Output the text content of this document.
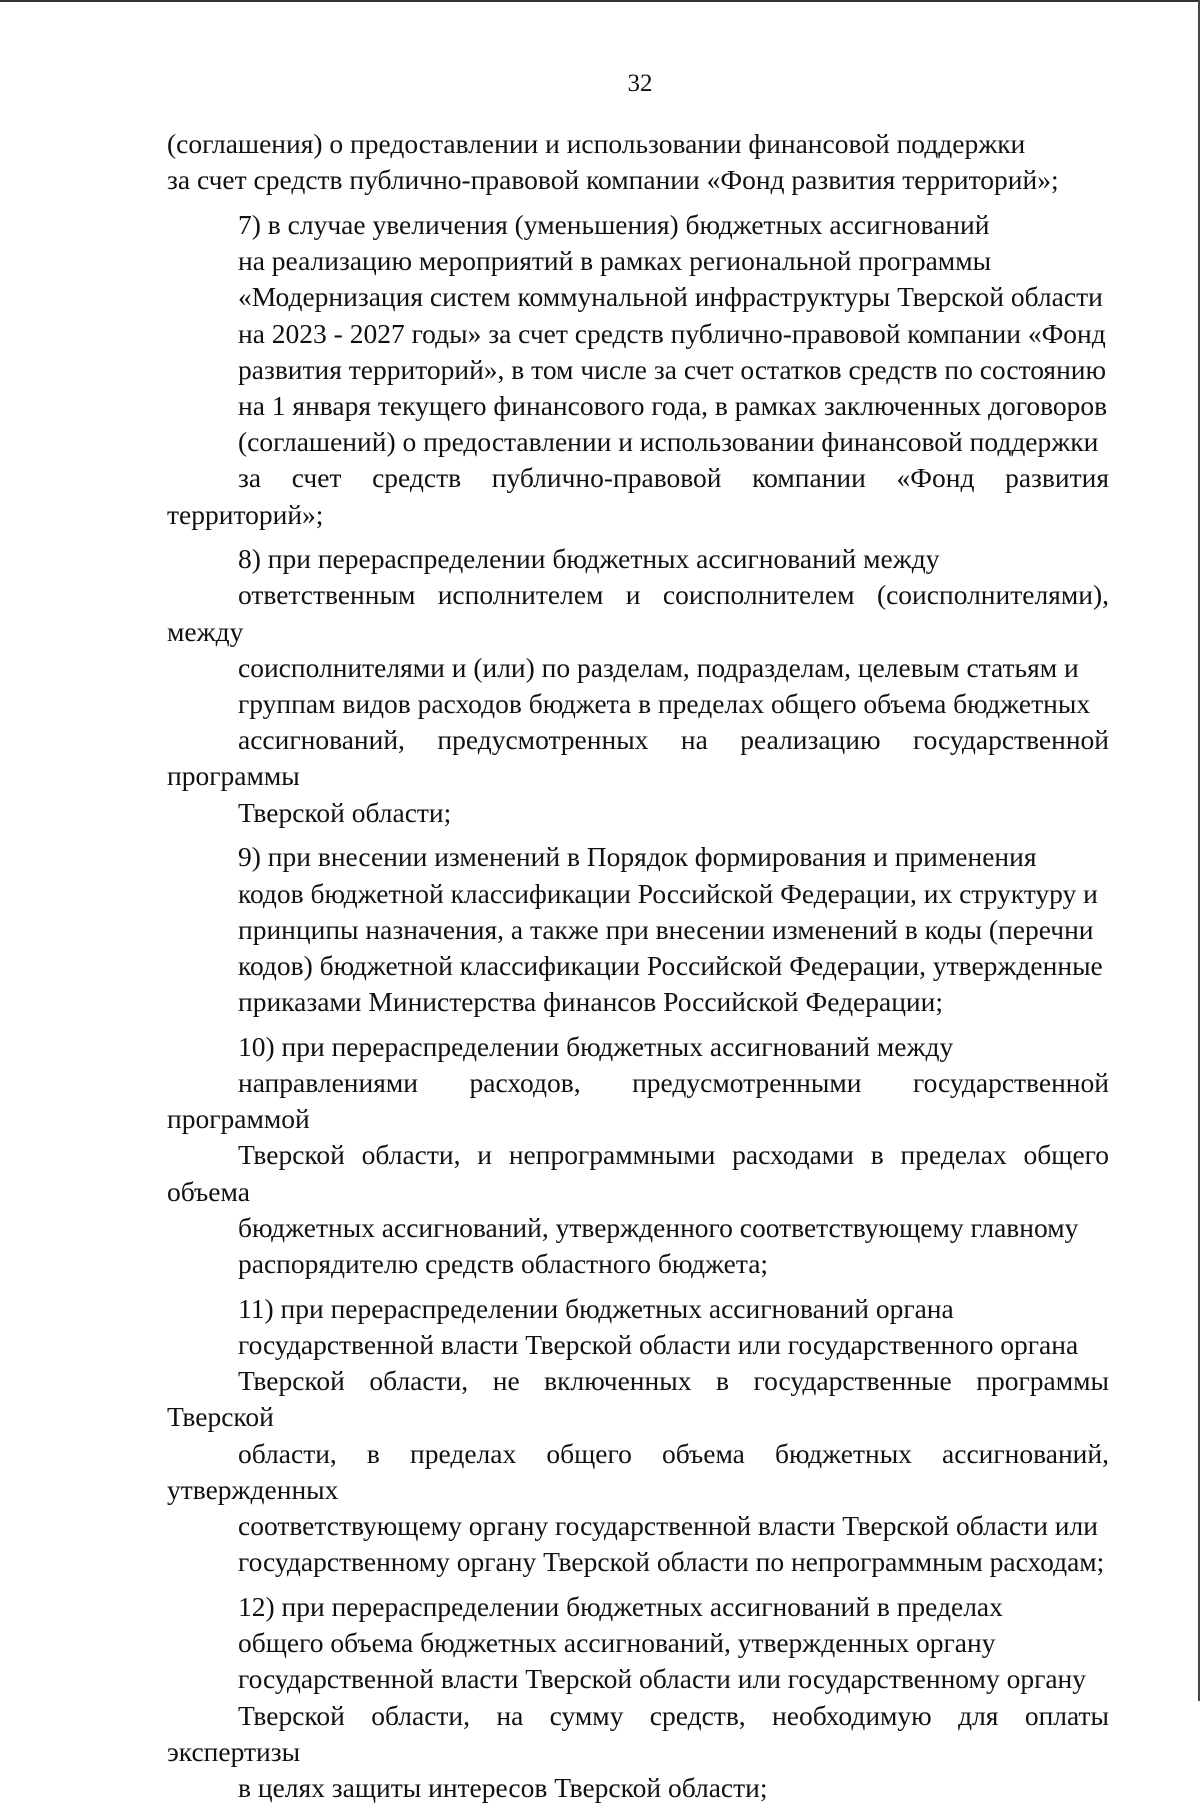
32

(соглашения) о предоставлении и использовании финансовой поддержки
за счет средств публично-правовой компании «Фонд развития территорий»;

7) в случае увеличения (уменьшения) бюджетных ассигнований
на реализацию мероприятий в рамках региональной программы
«Модернизация систем коммунальной инфраструктуры Тверской области
на 2023 - 2027 годы» за счет средств публично-правовой компании «Фонд
развития территорий», в том числе за счет остатков средств по состоянию
на 1 января текущего финансового года, в рамках заключенных договоров
(соглашений) о предоставлении и использовании финансовой поддержки
за счет средств публично-правовой компании «Фонд развития территорий»;

8) при перераспределении бюджетных ассигнований между
ответственным исполнителем и соисполнителем (соисполнителями), между
соисполнителями и (или) по разделам, подразделам, целевым статьям и
группам видов расходов бюджета в пределах общего объема бюджетных
ассигнований, предусмотренных на реализацию государственной программы
Тверской области;

9) при внесении изменений в Порядок формирования и применения
кодов бюджетной классификации Российской Федерации, их структуру и
принципы назначения, а также при внесении изменений в коды (перечни
кодов) бюджетной классификации Российской Федерации, утвержденные
приказами Министерства финансов Российской Федерации;

10) при перераспределении бюджетных ассигнований между
направлениями расходов, предусмотренными государственной программой
Тверской области, и непрограммными расходами в пределах общего объема
бюджетных ассигнований, утвержденного соответствующему главному
распорядителю средств областного бюджета;

11) при перераспределении бюджетных ассигнований органа
государственной власти Тверской области или государственного органа
Тверской области, не включенных в государственные программы Тверской
области, в пределах общего объема бюджетных ассигнований, утвержденных
соответствующему органу государственной власти Тверской области или
государственному органу Тверской области по непрограммным расходам;

12) при перераспределении бюджетных ассигнований в пределах
общего объема бюджетных ассигнований, утвержденных органу
государственной власти Тверской области или государственному органу
Тверской области, на сумму средств, необходимую для оплаты экспертизы
в целях защиты интересов Тверской области;
